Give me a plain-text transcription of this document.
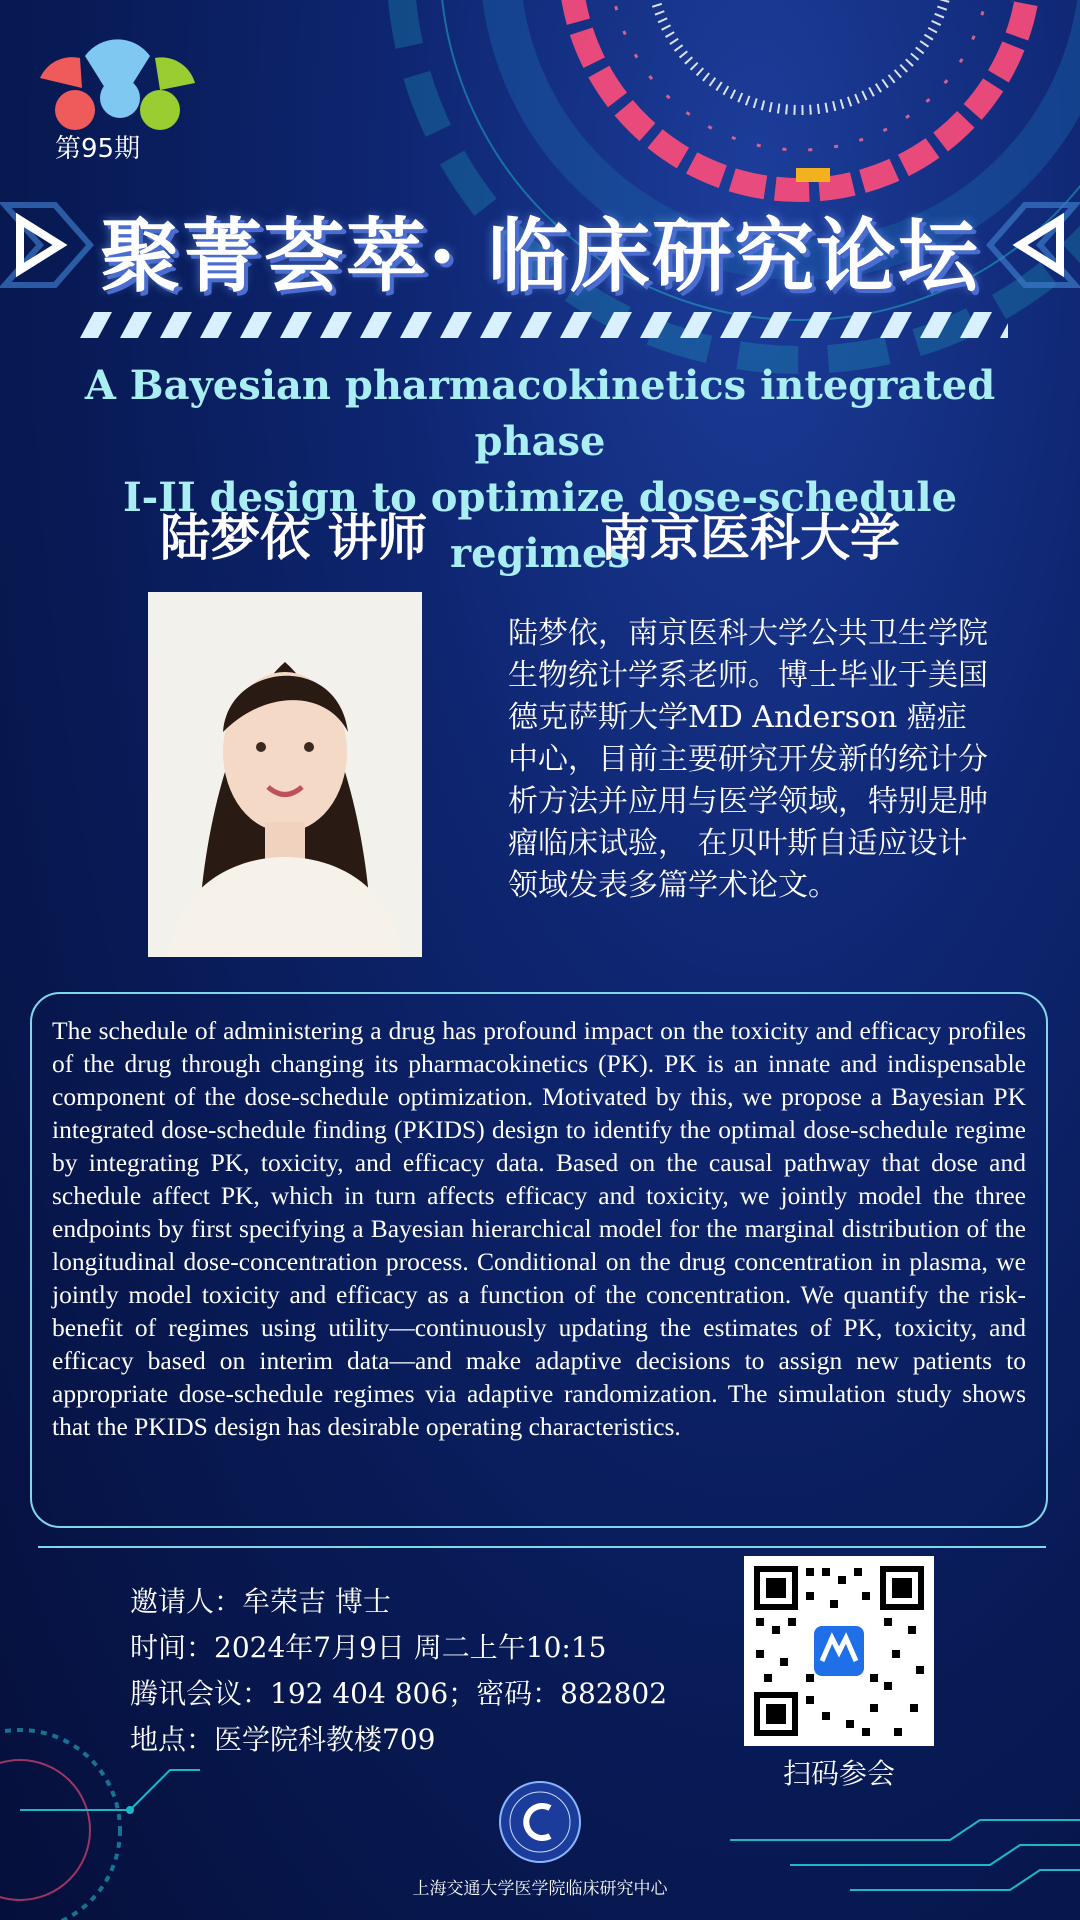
第95期
聚菁荟萃· 临床研究论坛
A Bayesian pharmacokinetics integrated phase
I-II design to optimize dose-schedule regimes
陆梦依 讲师	南京医科大学
陆梦依，南京医科大学公共卫生学院生物统计学系老师。博士毕业于美国德克萨斯大学MD Anderson 癌症中心，目前主要研究开发新的统计分析方法并应用与医学领域，特别是肿瘤临床试验， 在贝叶斯自适应设计领域发表多篇学术论文。
The schedule of administering a drug has profound impact on the toxicity and efficacy profiles of the drug through changing its pharmacokinetics (PK). PK is an innate and indispensable component of the dose-schedule optimization. Motivated by this, we propose a Bayesian PK integrated dose-schedule finding (PKIDS) design to identify the optimal dose-schedule regime by integrating PK, toxicity, and efficacy data. Based on the causal pathway that dose and schedule affect PK, which in turn affects efficacy and toxicity, we jointly model the three endpoints by first specifying a Bayesian hierarchical model for the marginal distribution of the longitudinal dose-concentration process. Conditional on the drug concentration in plasma, we jointly model toxicity and efficacy as a function of the concentration. We quantify the risk-benefit of regimes using utility—continuously updating the estimates of PK, toxicity, and efficacy based on interim data—and make adaptive decisions to assign new patients to appropriate dose-schedule regimes via adaptive randomization. The simulation study shows that the PKIDS design has desirable operating characteristics.
邀请人：牟荣吉 博士
时间：2024年7月9日 周二上午10:15
腾讯会议：192 404 806；密码：882802
地点：医学院科教楼709
扫码参会
上海交通大学医学院临床研究中心
